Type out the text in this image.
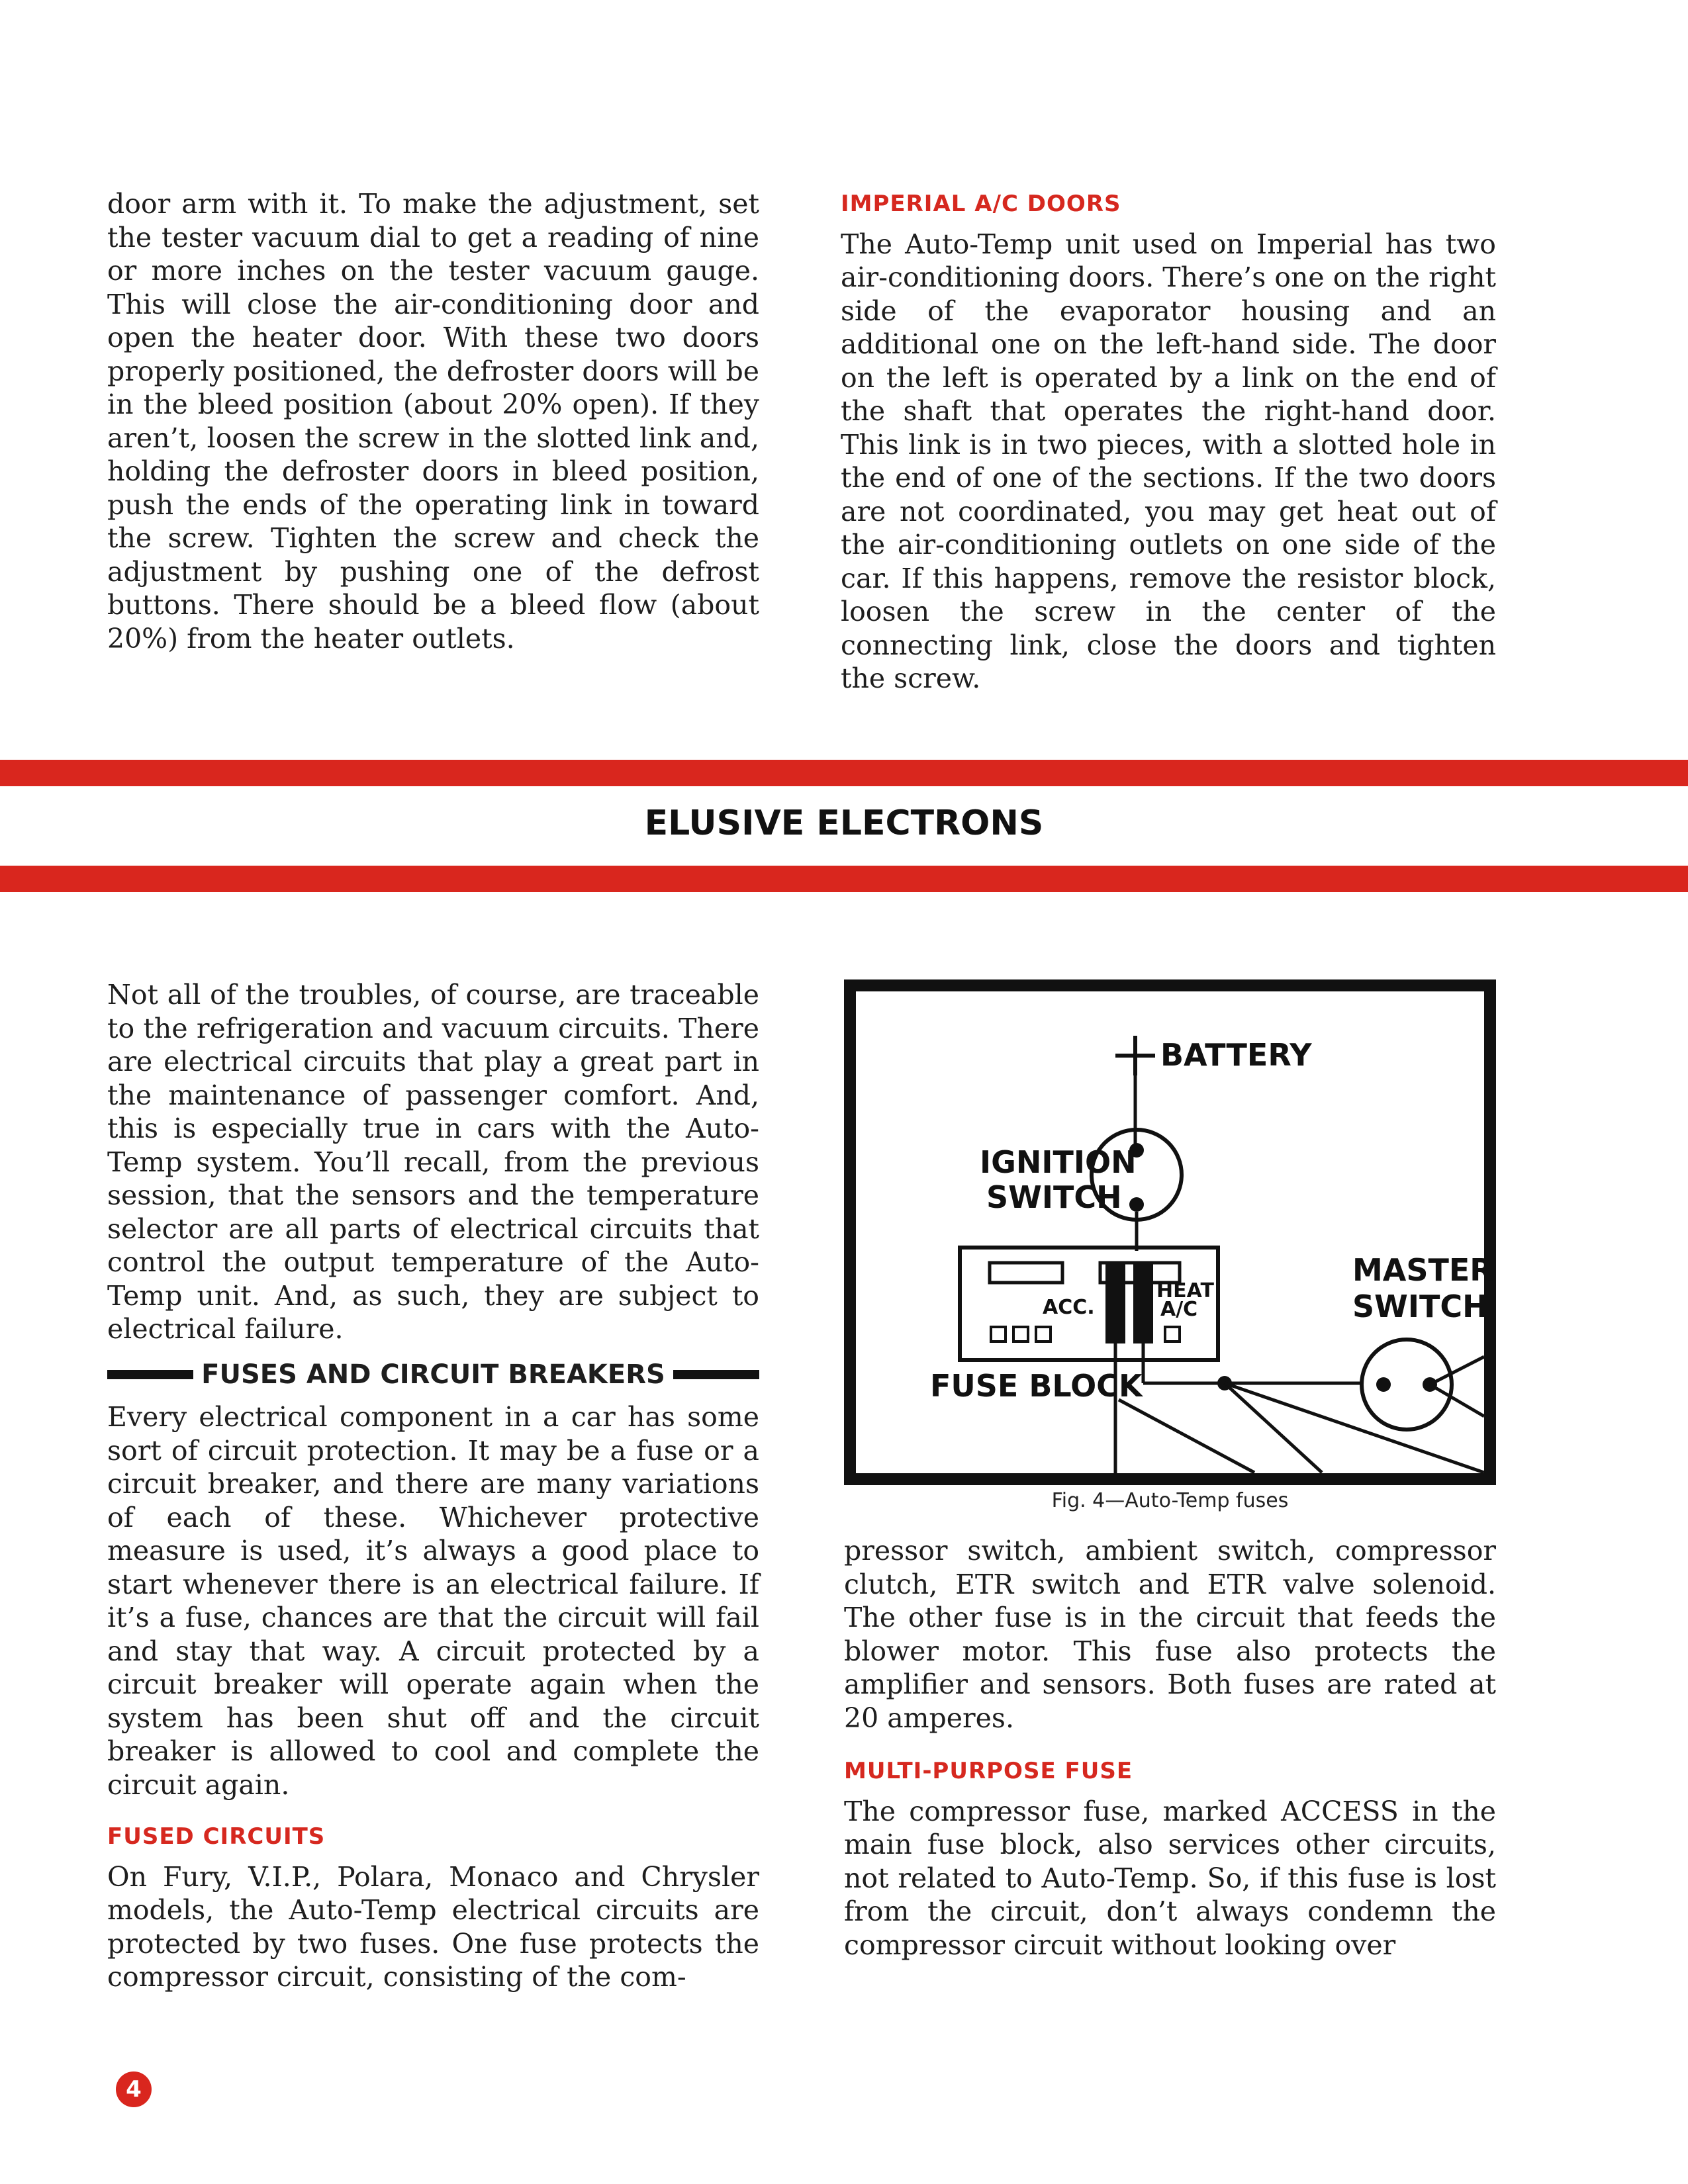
door arm with it. To make the adjustment, set the tester vacuum dial to get a reading of nine or more inches on the tester vacuum gauge. This will close the air-conditioning door and open the heater door. With these two doors properly positioned, the defroster doors will be in the bleed position (about 20% open). If they aren’t, loosen the screw in the slotted link and, holding the defroster doors in bleed position, push the ends of the operating link in toward the screw. Tighten the screw and check the adjustment by pushing one of the defrost buttons. There should be a bleed flow (about 20%) from the heater outlets.

IMPERIAL A/C DOORS

The Auto-Temp unit used on Imperial has two air-conditioning doors. There’s one on the right side of the evaporator housing and an additional one on the left-hand side. The door on the left is operated by a link on the end of the shaft that operates the right-hand door. This link is in two pieces, with a slotted hole in the end of one of the sections. If the two doors are not coordinated, you may get heat out of the air-conditioning outlets on one side of the car. If this happens, remove the resistor block, loosen the screw in the center of the connecting link, close the doors and tighten the screw.

ELUSIVE ELECTRONS

Not all of the troubles, of course, are traceable to the refrigeration and vacuum circuits. There are electrical circuits that play a great part in the maintenance of passenger comfort. And, this is especially true in cars with the Auto-Temp system. You’ll recall, from the previous session, that the sensors and the temperature selector are all parts of electrical circuits that control the output temperature of the Auto-Temp unit. And, as such, they are subject to electrical failure.

FUSES AND CIRCUIT BREAKERS

Every electrical component in a car has some sort of circuit protection. It may be a fuse or a circuit breaker, and there are many variations of each of these. Whichever protective measure is used, it’s always a good place to start whenever there is an electrical failure. If it’s a fuse, chances are that the circuit will fail and stay that way. A circuit protected by a circuit breaker will operate again when the system has been shut off and the circuit breaker is allowed to cool and complete the circuit again.

FUSED CIRCUITS

On Fury, V.I.P., Polara, Monaco and Chrysler models, the Auto-Temp electrical circuits are protected by two fuses. One fuse protects the compressor circuit, consisting of the com-

BATTERY
IGNITION
SWITCH
ACC.
HEAT
A/C
FUSE BLOCK
MASTER
SWITCH
Fig. 4—Auto-Temp fuses

pressor switch, ambient switch, compressor clutch, ETR switch and ETR valve solenoid. The other fuse is in the circuit that feeds the blower motor. This fuse also protects the amplifier and sensors. Both fuses are rated at 20 amperes.

MULTI-PURPOSE FUSE

The compressor fuse, marked ACCESS in the main fuse block, also services other circuits, not related to Auto-Temp. So, if this fuse is lost from the circuit, don’t always condemn the compressor circuit without looking over

4
